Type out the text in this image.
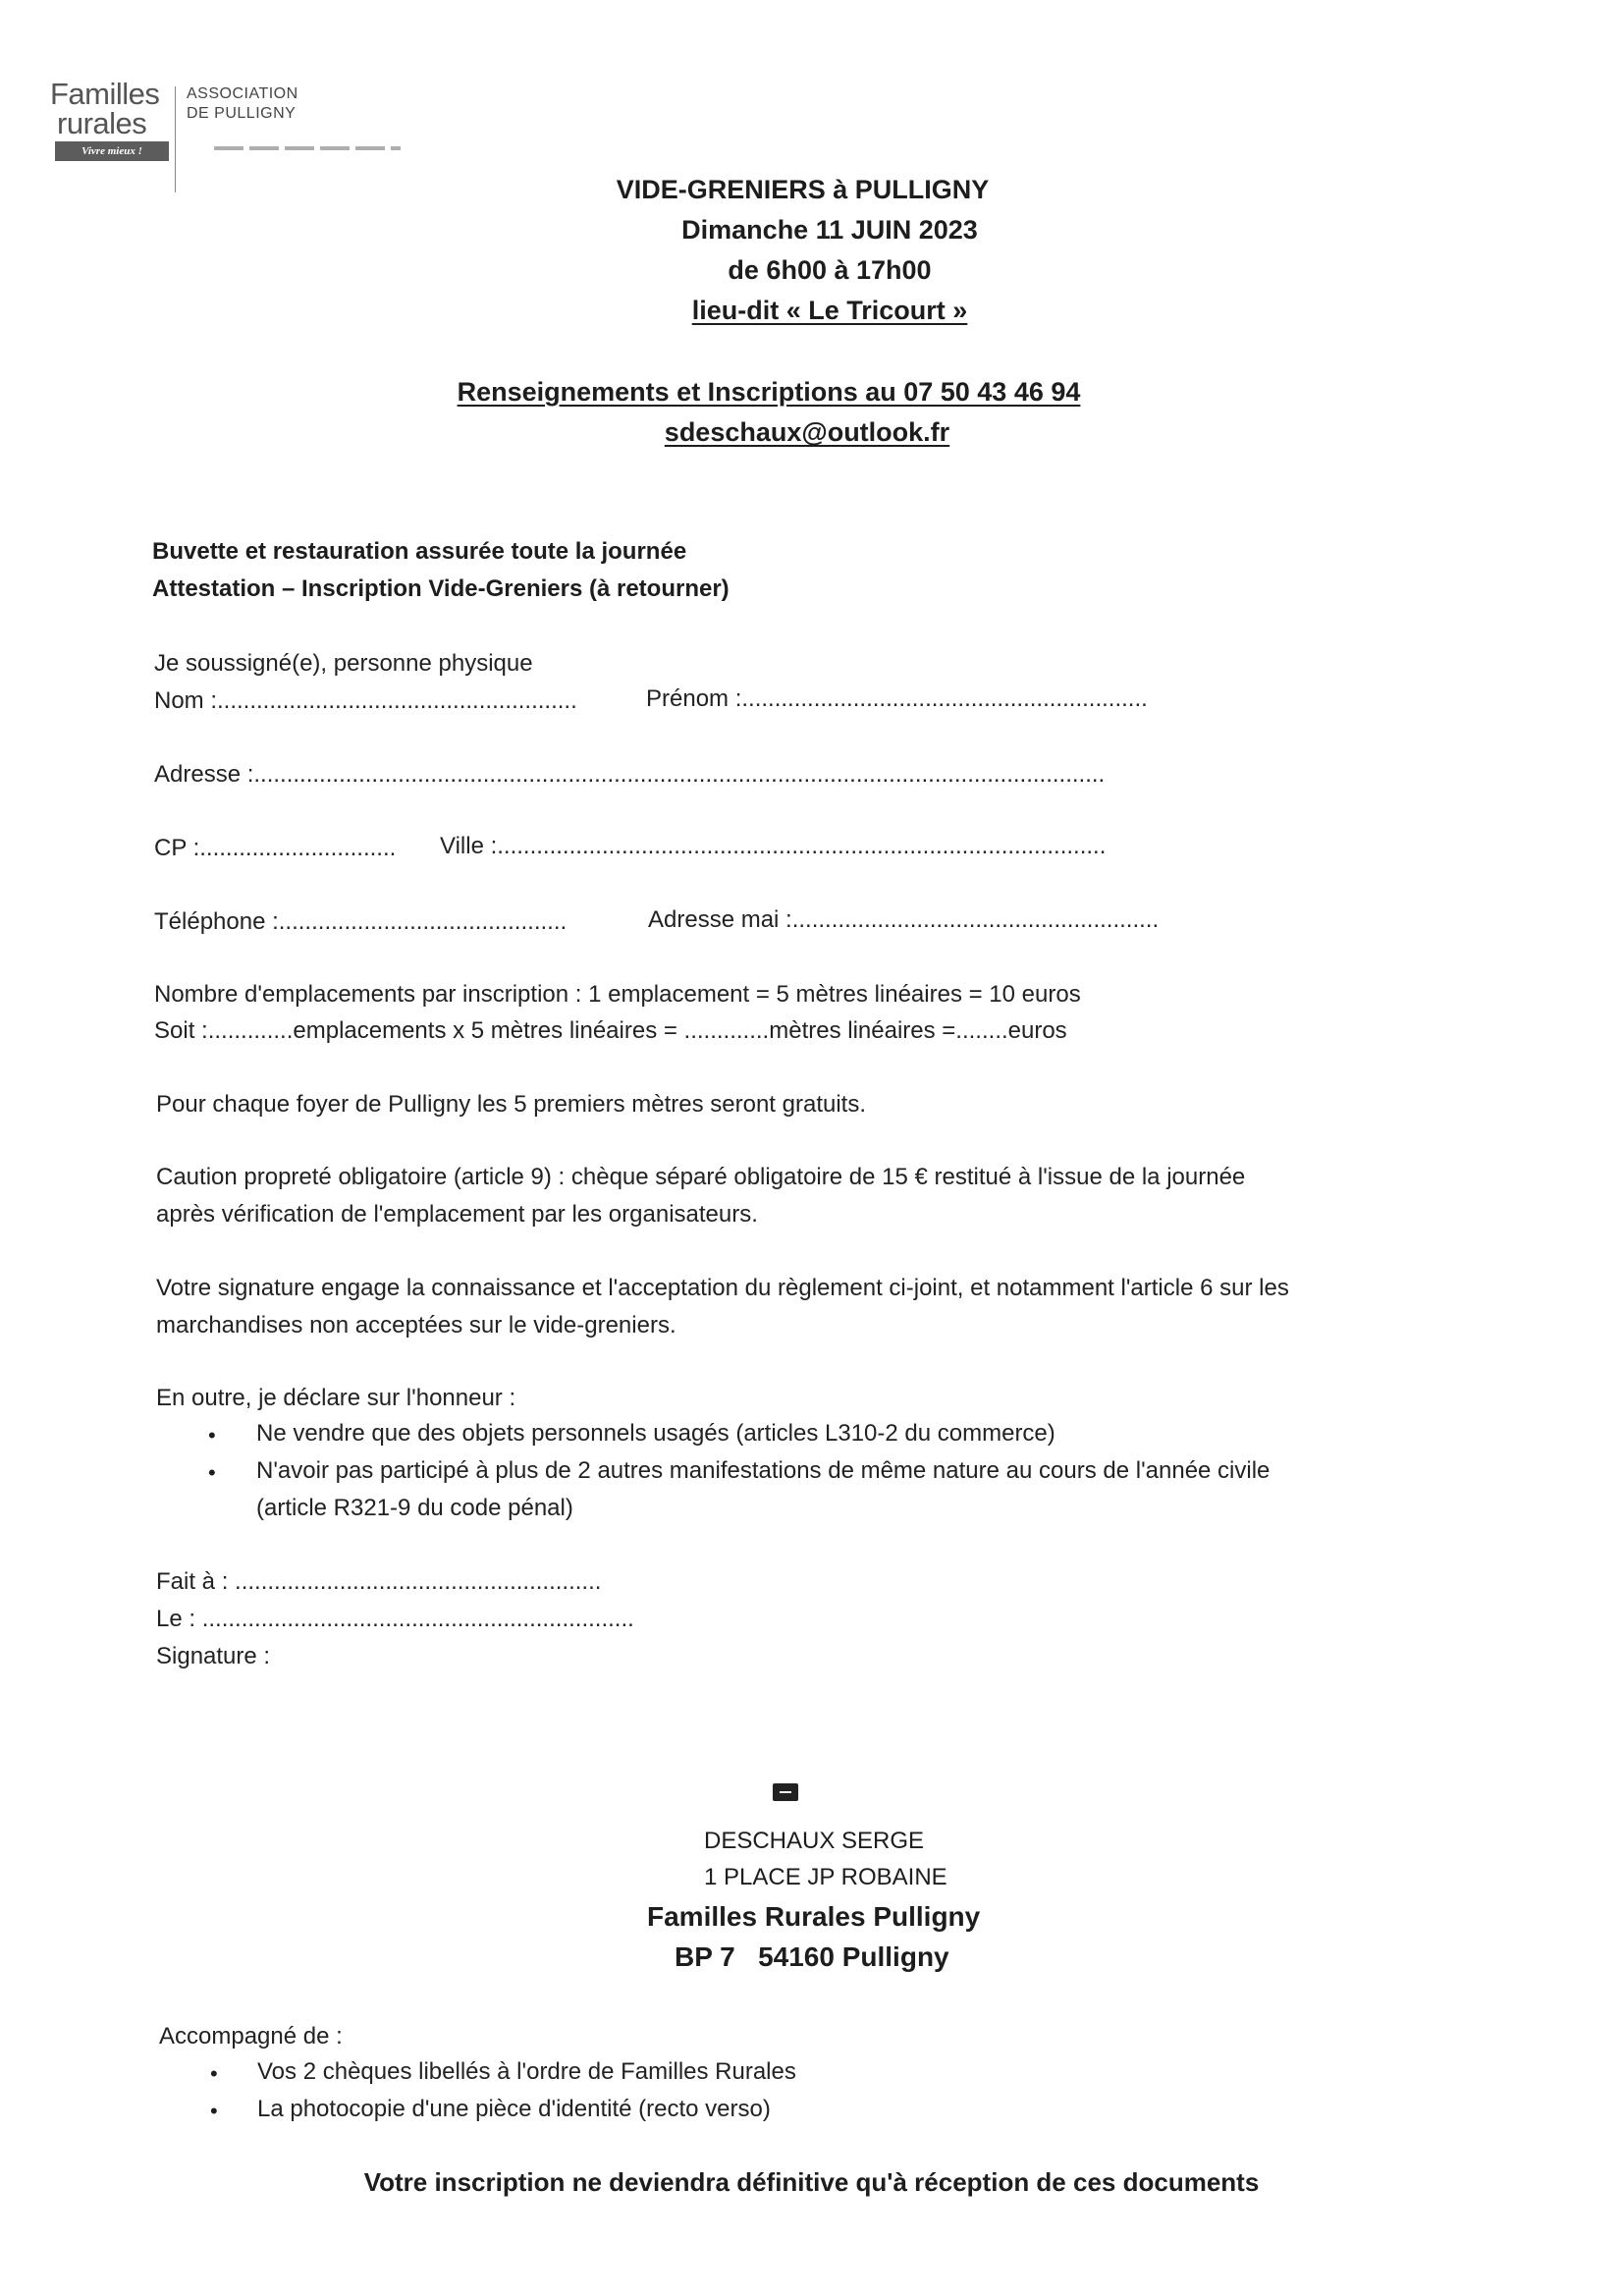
Familles
rurales
Vivre mieux !
ASSOCIATION
DE PULLIGNY
VIDE-GRENIERS à PULLIGNY
Dimanche 11 JUIN 2023
de 6h00 à 17h00
lieu-dit « Le Tricourt »
Renseignements et Inscriptions au 07 50 43 46 94
sdeschaux@outlook.fr
Buvette et restauration assurée toute la journée
Attestation – Inscription Vide-Greniers (à retourner)
Je soussigné(e), personne physique
Nom :.......................................................	Prénom :..............................................................
Adresse :..................................................................................................................................
CP :.............................. Ville :.............................................................................................
Téléphone :............................................	Adresse mai :........................................................
Nombre d'emplacements par inscription : 1 emplacement = 5 mètres linéaires = 10 euros
Soit :.............emplacements x 5 mètres linéaires = .............mètres linéaires =........euros
Pour chaque foyer de Pulligny les 5 premiers mètres seront gratuits.
Caution propreté obligatoire (article 9) : chèque séparé obligatoire de 15 € restitué à l'issue de la journée
après vérification de l'emplacement par les organisateurs.
Votre signature engage la connaissance et l'acceptation du règlement ci-joint, et notamment l'article 6 sur les
marchandises non acceptées sur le vide-greniers.
En outre, je déclare sur l'honneur :
• Ne vendre que des objets personnels usagés (articles L310-2 du commerce)
• N'avoir pas participé à plus de 2 autres manifestations de même nature au cours de l'année civile
(article R321-9 du code pénal)
Fait à : ........................................................
Le : ..................................................................
Signature :
DESCHAUX SERGE
1 PLACE JP ROBAINE
Familles Rurales Pulligny
BP 7   54160 Pulligny
Accompagné de :
• Vos 2 chèques libellés à l'ordre de Familles Rurales
• La photocopie d'une pièce d'identité (recto verso)
Votre inscription ne deviendra définitive qu'à réception de ces documents
